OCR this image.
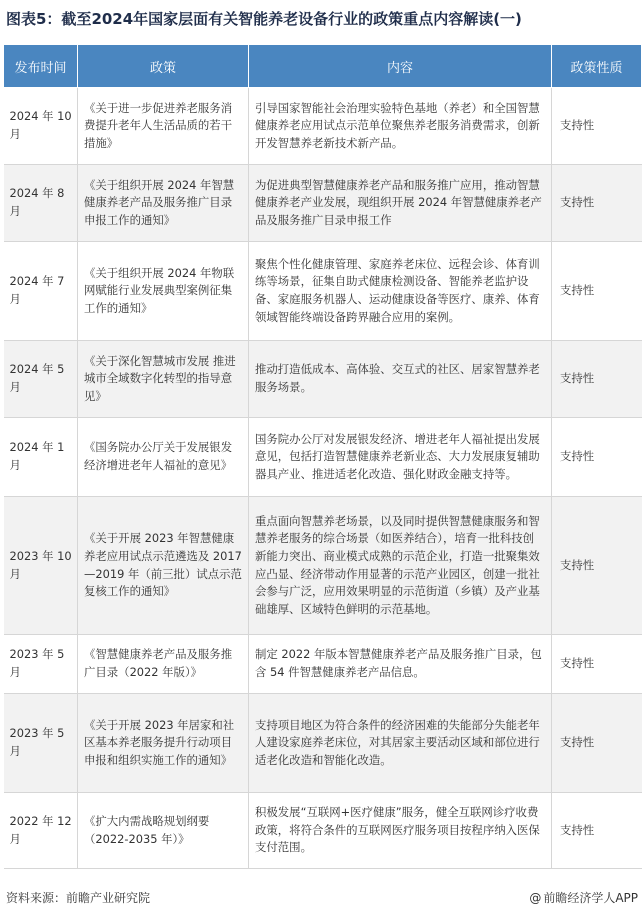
图表5：截至2024年国家层面有关智能养老设备行业的政策重点内容解读(一)
发布时间	政策	内容	政策性质
2024 年 10 月	《关于进一步促进养老服务消费提升老年人生活品质的若干措施》	引导国家智能社会治理实验特色基地（养老）和全国智慧健康养老应用试点示范单位聚焦养老服务消费需求，创新开发智慧养老新技术新产品。	支持性
2024 年 8 月	《关于组织开展 2024 年智慧健康养老产品及服务推广目录申报工作的通知》	为促进典型智慧健康养老产品和服务推广应用，推动智慧健康养老产业发展，现组织开展 2024 年智慧健康养老产品及服务推广目录申报工作	支持性
2024 年 7 月	《关于组织开展 2024 年物联网赋能行业发展典型案例征集工作的通知》	聚焦个性化健康管理、家庭养老床位、远程会诊、体育训练等场景，征集自助式健康检测设备、智能养老监护设备、家庭服务机器人、运动健康设备等医疗、康养、体育领域智能终端设备跨界融合应用的案例。	支持性
2024 年 5 月	《关于深化智慧城市发展 推进城市全域数字化转型的指导意见》	推动打造低成本、高体验、交互式的社区、居家智慧养老服务场景。	支持性
2024 年 1 月	《国务院办公厅关于发展银发经济增进老年人福祉的意见》	国务院办公厅对发展银发经济、增进老年人福祉提出发展意见，包括打造智慧健康养老新业态、大力发展康复辅助器具产业、推进适老化改造、强化财政金融支持等。	支持性
2023 年 10 月	《关于开展 2023 年智慧健康养老应用试点示范遴选及 2017—2019 年（前三批）试点示范复核工作的通知》	重点面向智慧养老场景，以及同时提供智慧健康服务和智慧养老服务的综合场景（如医养结合），培育一批科技创新能力突出、商业模式成熟的示范企业，打造一批聚集效应凸显、经济带动作用显著的示范产业园区，创建一批社会参与广泛，应用效果明显的示范街道（乡镇）及产业基础雄厚、区域特色鲜明的示范基地。	支持性
2023 年 5 月	《智慧健康养老产品及服务推广目录（2022 年版）》	制定 2022 年版本智慧健康养老产品及服务推广目录，包含 54 件智慧健康养老产品信息。	支持性
2023 年 5 月	《关于开展 2023 年居家和社区基本养老服务提升行动项目申报和组织实施工作的通知》	支持项目地区为符合条件的经济困难的失能部分失能老年人建设家庭养老床位，对其居家主要活动区域和部位进行适老化改造和智能化改造。	支持性
2022 年 12 月	《扩大内需战略规划纲要（2022-2035 年）》	积极发展“互联网+医疗健康”服务，健全互联网诊疗收费政策，将符合条件的互联网医疗服务项目按程序纳入医保支付范围。	支持性
资料来源：前瞻产业研究院	@ 前瞻经济学人APP
